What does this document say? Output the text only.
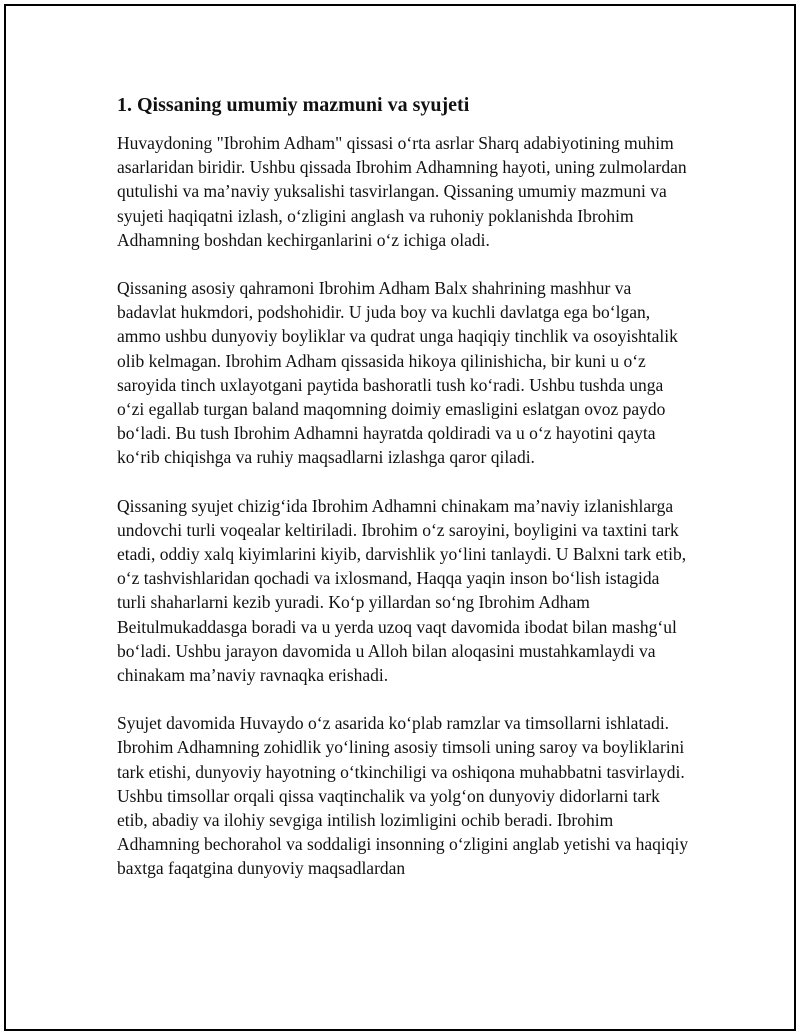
1. Qissaning umumiy mazmuni va syujeti

Huvaydoning "Ibrohim Adham" qissasi o‘rta asrlar Sharq adabiyotining muhim asarlaridan biridir. Ushbu qissada Ibrohim Adhamning hayoti, uning zulmolardan qutulishi va ma’naviy yuksalishi tasvirlangan. Qissaning umumiy mazmuni va syujeti haqiqatni izlash, o‘zligini anglash va ruhoniy poklanishda Ibrohim Adhamning boshdan kechirganlarini o‘z ichiga oladi.

Qissaning asosiy qahramoni Ibrohim Adham Balx shahrining mashhur va badavlat hukmdori, podshohidir. U juda boy va kuchli davlatga ega bo‘lgan, ammo ushbu dunyoviy boyliklar va qudrat unga haqiqiy tinchlik va osoyishtalik olib kelmagan. Ibrohim Adham qissasida hikoya qilinishicha, bir kuni u o‘z saroyida tinch uxlayotgani paytida bashoratli tush ko‘radi. Ushbu tushda unga o‘zi egallab turgan baland maqomning doimiy emasligini eslatgan ovoz paydo bo‘ladi. Bu tush Ibrohim Adhamni hayratda qoldiradi va u o‘z hayotini qayta ko‘rib chiqishga va ruhiy maqsadlarni izlashga qaror qiladi.

Qissaning syujet chizig‘ida Ibrohim Adhamni chinakam ma’naviy izlanishlarga undovchi turli voqealar keltiriladi. Ibrohim o‘z saroyini, boyligini va taxtini tark etadi, oddiy xalq kiyimlarini kiyib, darvishlik yo‘lini tanlaydi. U Balxni tark etib, o‘z tashvishlaridan qochadi va ixlosmand, Haqqa yaqin inson bo‘lish istagida turli shaharlarni kezib yuradi. Ko‘p yillardan so‘ng Ibrohim Adham Beitulmukaddasga boradi va u yerda uzoq vaqt davomida ibodat bilan mashg‘ul bo‘ladi. Ushbu jarayon davomida u Alloh bilan aloqasini mustahkamlaydi va chinakam ma’naviy ravnaqka erishadi.

Syujet davomida Huvaydo o‘z asarida ko‘plab ramzlar va timsollarni ishlatadi. Ibrohim Adhamning zohidlik yo‘lining asosiy timsoli uning saroy va boyliklarini tark etishi, dunyoviy hayotning o‘tkinchiligi va oshiqona muhabbatni tasvirlaydi. Ushbu timsollar orqali qissa vaqtinchalik va yolg‘on dunyoviy didorlarni tark etib, abadiy va ilohiy sevgiga intilish lozimligini ochib beradi. Ibrohim Adhamning bechorahol va soddaligi insonning o‘zligini anglab yetishi va haqiqiy baxtga faqatgina dunyoviy maqsadlardan
